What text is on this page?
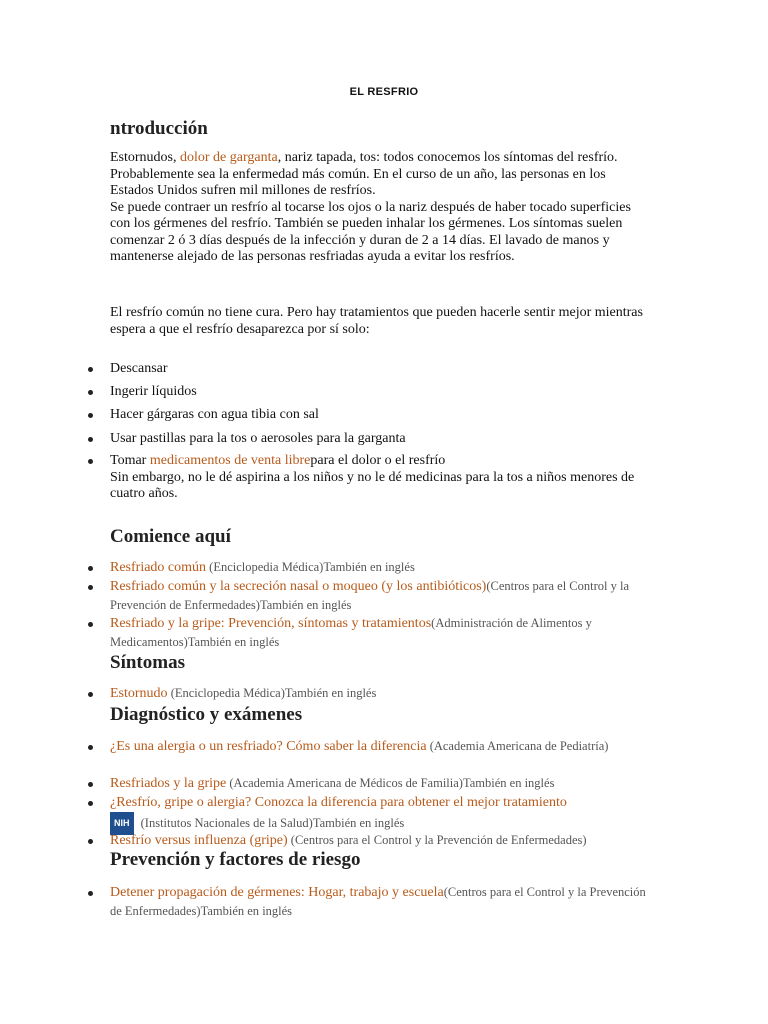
EL RESFRIO
ntroducción
Estornudos, dolor de garganta, nariz tapada, tos: todos conocemos los síntomas del resfrío. Probablemente sea la enfermedad más común. En el curso de un año, las personas en los Estados Unidos sufren mil millones de resfríos.
Se puede contraer un resfrío al tocarse los ojos o la nariz después de haber tocado superficies con los gérmenes del resfrío. También se pueden inhalar los gérmenes. Los síntomas suelen comenzar 2 ó 3 días después de la infección y duran de 2 a 14 días. El lavado de manos y mantenerse alejado de las personas resfriadas ayuda a evitar los resfríos.
El resfrío común no tiene cura. Pero hay tratamientos que pueden hacerle sentir mejor mientras espera a que el resfrío desaparezca por sí solo:
Descansar
Ingerir líquidos
Hacer gárgaras con agua tibia con sal
Usar pastillas para la tos o aerosoles para la garganta
Tomar medicamentos de venta librepara el dolor o el resfrío
Sin embargo, no le dé aspirina a los niños y no le dé medicinas para la tos a niños menores de cuatro años.
Comience aquí
Resfriado común (Enciclopedia Médica)También en inglés
Resfriado común y la secreción nasal o moqueo (y los antibióticos)(Centros para el Control y la Prevención de Enfermedades)También en inglés
Resfriado y la gripe: Prevención, síntomas y tratamientos(Administración de Alimentos y Medicamentos)También en inglés
Síntomas
Estornudo (Enciclopedia Médica)También en inglés
Diagnóstico y exámenes
¿Es una alergia o un resfriado? Cómo saber la diferencia (Academia Americana de Pediatría)
Resfriados y la gripe (Academia Americana de Médicos de Familia)También en inglés
¿Resfrío, gripe o alergia? Conozca la diferencia para obtener el mejor tratamiento
NIH (Institutos Nacionales de la Salud)También en inglés
Resfrío versus influenza (gripe) (Centros para el Control y la Prevención de Enfermedades)
Prevención y factores de riesgo
Detener propagación de gérmenes: Hogar, trabajo y escuela(Centros para el Control y la Prevención de Enfermedades)También en inglés
